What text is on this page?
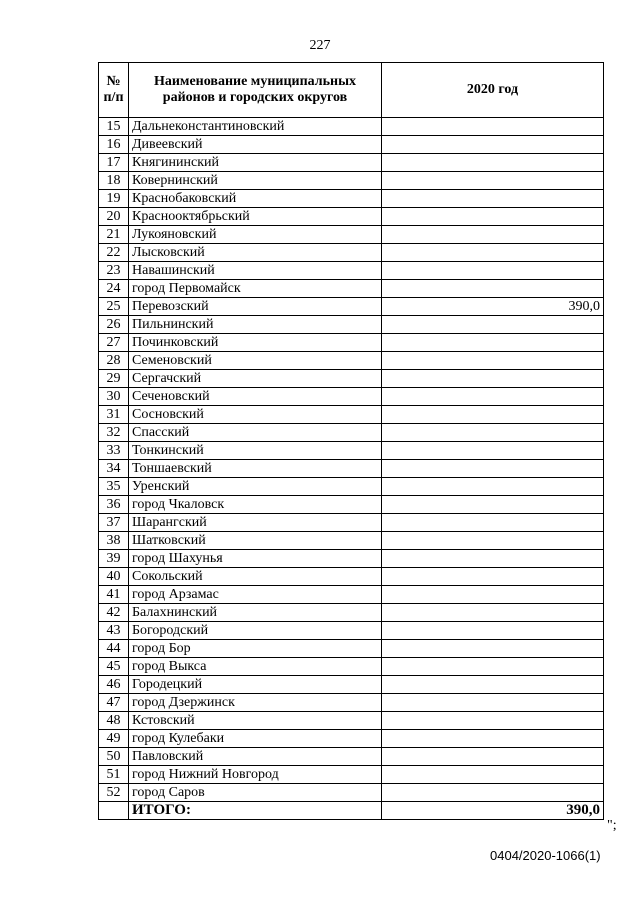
227
№ п/п	Наименование муниципальных районов и городских округов	2020 год
15	Дальнеконстантиновский	
16	Дивеевский	
17	Княгининский	
18	Ковернинский	
19	Краснобаковский	
20	Краснооктябрьский	
21	Лукояновский	
22	Лысковский	
23	Навашинский	
24	город Первомайск	
25	Перевозский	390,0
26	Пильнинский	
27	Починковский	
28	Семеновский	
29	Сергачский	
30	Сеченовский	
31	Сосновский	
32	Спасский	
33	Тонкинский	
34	Тоншаевский	
35	Уренский	
36	город Чкаловск	
37	Шарангский	
38	Шатковский	
39	город Шахунья	
40	Сокольский	
41	город Арзамас	
42	Балахнинский	
43	Богородский	
44	город Бор	
45	город Выкса	
46	Городецкий	
47	город Дзержинск	
48	Кстовский	
49	город Кулебаки	
50	Павловский	
51	город Нижний Новгород	
52	город Саров	
	ИТОГО:	390,0
";
0404/2020-1066(1)
